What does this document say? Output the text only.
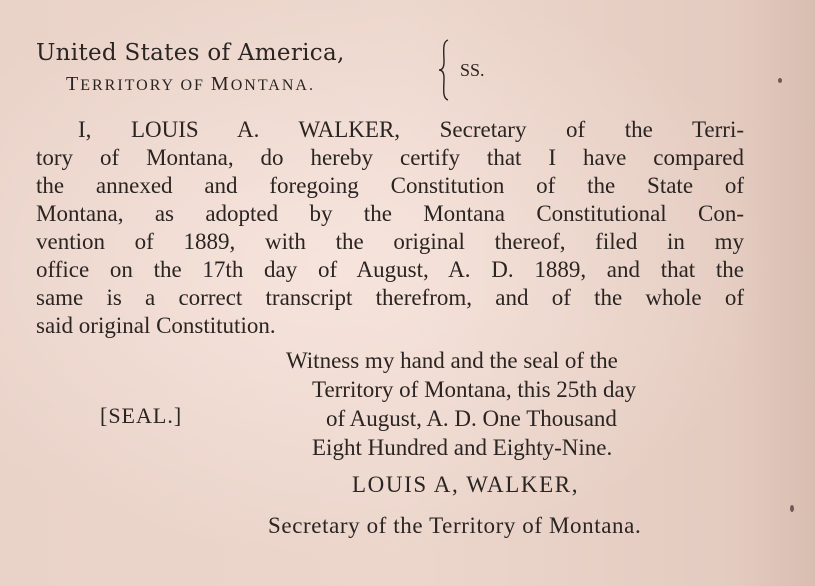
United States of America,
TERRITORY OF MONTANA.
SS.
I, LOUIS A. WALKER, Secretary of the Terri-
tory of Montana, do hereby certify that I have compared
the annexed and foregoing Constitution of the State of
Montana, as adopted by the Montana Constitutional Con-
vention of 1889, with the original thereof, filed in my
office on the 17th day of August, A. D. 1889, and that the
same is a correct transcript therefrom, and of the whole of
said original Constitution.
Witness my hand and the seal of the
Territory of Montana, this 25th day
of August, A. D. One Thousand
Eight Hundred and Eighty-Nine.
[SEAL.]
LOUIS A, WALKER,
Secretary of the Territory of Montana.
